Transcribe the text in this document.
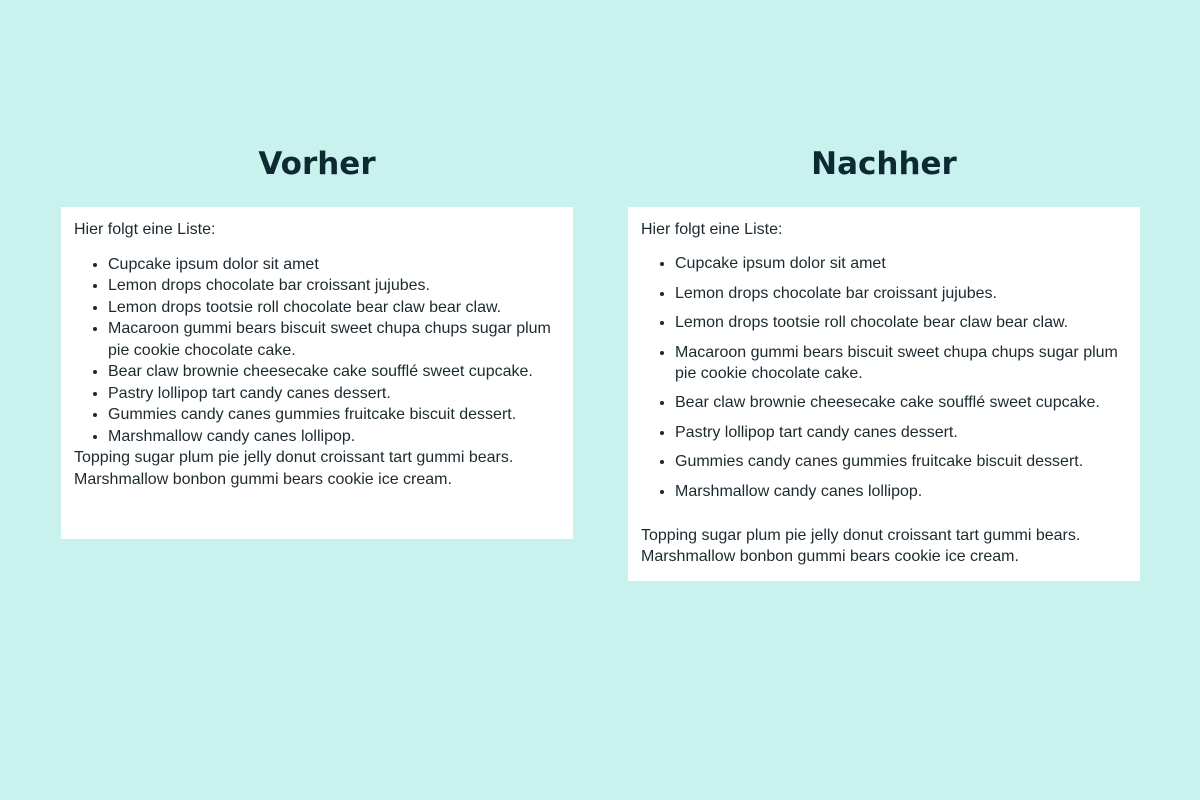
Vorher	Nachher

Hier folgt eine Liste:

• Cupcake ipsum dolor sit amet
• Lemon drops chocolate bar croissant jujubes.
• Lemon drops tootsie roll chocolate bear claw bear claw.
• Macaroon gummi bears biscuit sweet chupa chups sugar plum pie cookie chocolate cake.
• Bear claw brownie cheesecake cake soufflé sweet cupcake.
• Pastry lollipop tart candy canes dessert.
• Gummies candy canes gummies fruitcake biscuit dessert.
• Marshmallow candy canes lollipop.

Topping sugar plum pie jelly donut croissant tart gummi bears. Marshmallow bonbon gummi bears cookie ice cream.

Hier folgt eine Liste:

• Cupcake ipsum dolor sit amet
• Lemon drops chocolate bar croissant jujubes.
• Lemon drops tootsie roll chocolate bear claw bear claw.
• Macaroon gummi bears biscuit sweet chupa chups sugar plum pie cookie chocolate cake.
• Bear claw brownie cheesecake cake soufflé sweet cupcake.
• Pastry lollipop tart candy canes dessert.
• Gummies candy canes gummies fruitcake biscuit dessert.
• Marshmallow candy canes lollipop.

Topping sugar plum pie jelly donut croissant tart gummi bears. Marshmallow bonbon gummi bears cookie ice cream.
